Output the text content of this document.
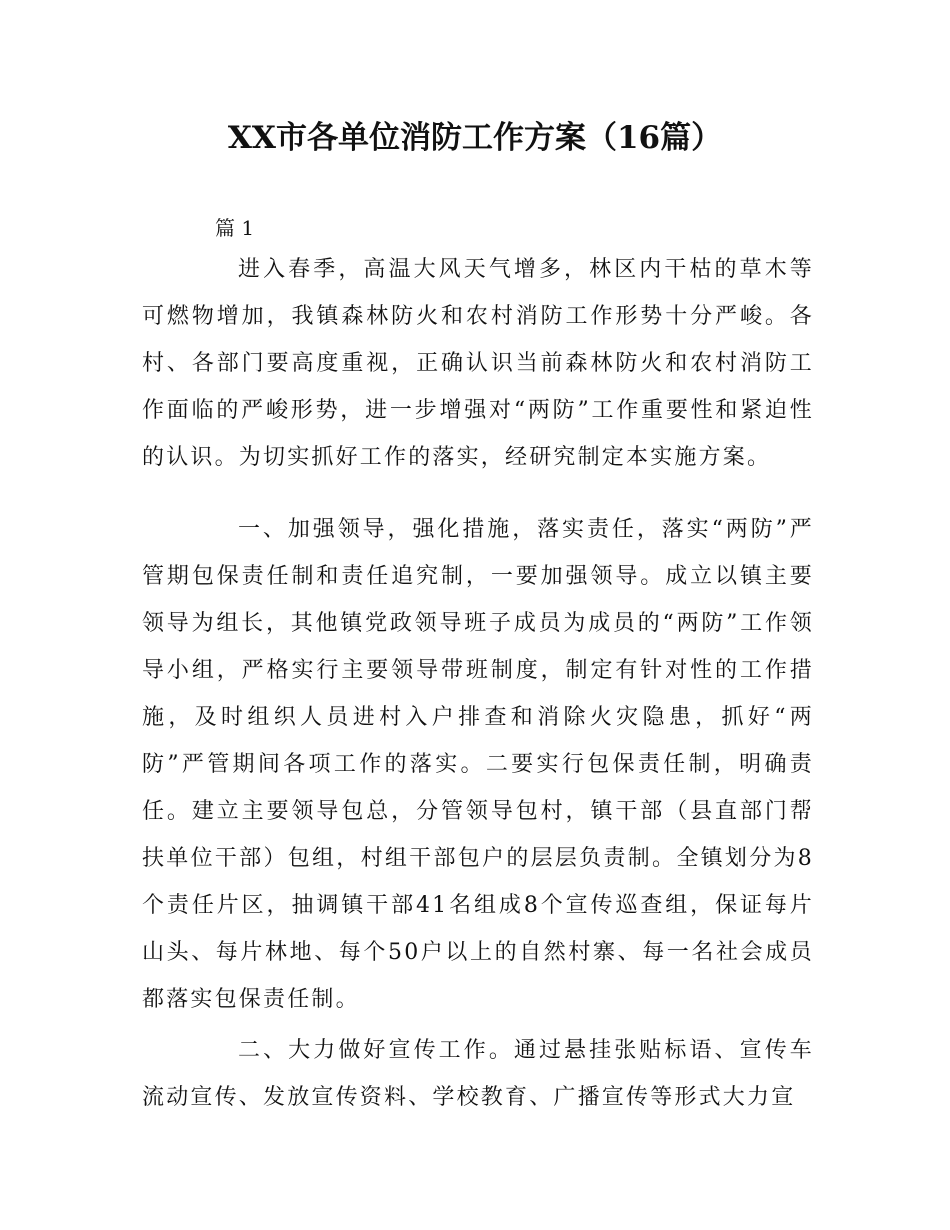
XX市各单位消防工作方案（16篇）
篇 1

进入春季，高温大风天气增多，林区内干枯的草木等可燃物增加，我镇森林防火和农村消防工作形势十分严峻。各村、各部门要高度重视，正确认识当前森林防火和农村消防工作面临的严峻形势，进一步增强对“两防”工作重要性和紧迫性的认识。为切实抓好工作的落实，经研究制定本实施方案。

一、加强领导，强化措施，落实责任，落实“两防”严管期包保责任制和责任追究制，一要加强领导。成立以镇主要领导为组长，其他镇党政领导班子成员为成员的“两防”工作领导小组，严格实行主要领导带班制度，制定有针对性的工作措施，及时组织人员进村入户排查和消除火灾隐患，抓好“两防”严管期间各项工作的落实。二要实行包保责任制，明确责任。建立主要领导包总，分管领导包村，镇干部（县直部门帮扶单位干部）包组，村组干部包户的层层负责制。全镇划分为8个责任片区，抽调镇干部41名组成8个宣传巡查组，保证每片山头、每片林地、每个50户以上的自然村寨、每一名社会成员都落实包保责任制。

二、大力做好宣传工作。通过悬挂张贴标语、宣传车流动宣传、发放宣传资料、学校教育、广播宣传等形式大力宣
